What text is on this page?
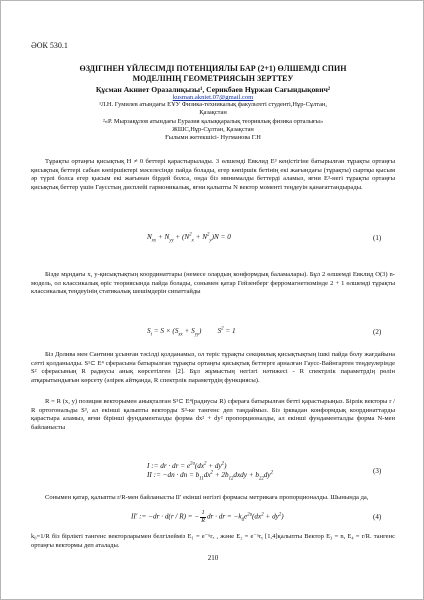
ӘОК 530.1
ӨЗДІГІНЕН ҮЙЛЕСІМДІ ПОТЕНЦИЯЛЫ БАР (2+1) ӨЛШЕМДІ СПИН
МОДЕЛІНІҢ ГЕОМЕТРИЯСЫН ЗЕРТТЕУ
Құсман Акниет Оразалиқызы¹, Серикбаев Нұржан Сағындықович²
kusman.akniet.07@gmail.com
¹Л.Н. Гумилев атындағы ЕҰУ Физика-техникалық факультеті студенті,Нұр-Сұлтан,
Қазақстан
²«Р. Мырзақұлов атындағы Еуразия қалыққаралық теориялық физика орталығы»
ЖШС,Нұр-Сұлтан, Қазақстан
Ғылыми жетекшісі- Нугманова Г.Н
Тұрақты ортаңғы қисықтық H ≠ 0 беттері қарастырылады. 3 өлшемді Евклид E³ кеңістігіне батырылған тұрақты ортаңғы қисықтық беттері сабын көпіршіктері мәселесінде пайда болады, егер көпіршік бетінің екі жағындағы (тұрақты) сыртқы қысым әр түрлі болса егер қысым екі жағынан бірдей болса, онда біз минималды беттерді аламыз, яғни E³-негі тұрақты ортаңғы қисықтық беттер үшін Гаусстың дисплейі гармоникалық, яғни қалыпты N вектор моменті теңдеуін қанағаттандырады.
$N_{xx} + N_{yy} + (N^2_x + N^2_y)N = 0$	(1)
Бізде мұндағы x, y-қисықтықтың координаттары (немесе олардың конформдық баламалары). Бұл 2 өлшемді Евклид O(3) n-модель, ол классикалық өріс теориясында пайда болады, сонымен қатар Гейзенберг ферромагнетизмінде 2 + 1 өлшемді тұрақты классикалық теңдеуінің статикалық шешімдерін сипаттайды
$S_t = S \times (S_{xx} + S_{yy})$         $S^2 = 1$	(2)
Біз Долива мен Сантини ұсынған тәсілді қолданамыз, ол теріс тұрақты секциялық қисықтықтың ішкі пайда болу жағдайына сәтті қолданылды. S¹⊂ E⁴ сферасына батырылған тұрақты ортаңғы қисықтық беттерге арналған Гаусс-Вайнгартен теңдеулерінде S² сферасының R радиусы анық көрсетілген [2]. Бұл жұмыстың негізгі нәтижесі - R спектрлік параметрдің рөлін атқарытындығын көрсету (әлірек айтқанда, R спектрлік параметрдің функциясы).
R = R (x, y) позиция векторымен анықталған S³⊂ E⁴(радиусы R) сфераға батырылған бетті қарастырыңыз. Бірлік векторы r / R ортогональды S³, ал екінші қалыпты векторды S³-ке тангенс деп таңдаймыз. Біз ірквадан конформдық координаттарды қарастыра аламыз, яғни бірінші фундаменталды форма dx² + dy² пропорционалды, ал екінші фундаменталды форма N-мен байланысты
I := dr · dr = $e^{2u}(dx^2 + dy^2)$
II := −dn · dn = $b_{11}dx^2$ + $2b_{12}dxdy + b_{22}dy^2$	(3)
Сонымен қатар, қалыпты r/R-мен байланысты II′ екінші негізгі формасы метрикаға пропорционалды. Шынында да,
II′ := −dr · d(r / R) = − $\frac{1}{R}$ dr · dr = $-k_0e^{2u}(dx^2 + dy^2)$	(4)
k₀=1/R біз бірлікті тангенс векторларымен белгілейміз E₁ = e⁻ᵘrₓ , және E₂ = e⁻ᵘrᵧ [1,4]қалыпты Вектор E₃ = n, E₄ = r/R. тангенс ортаңғы вектормы деп аталады.
210
